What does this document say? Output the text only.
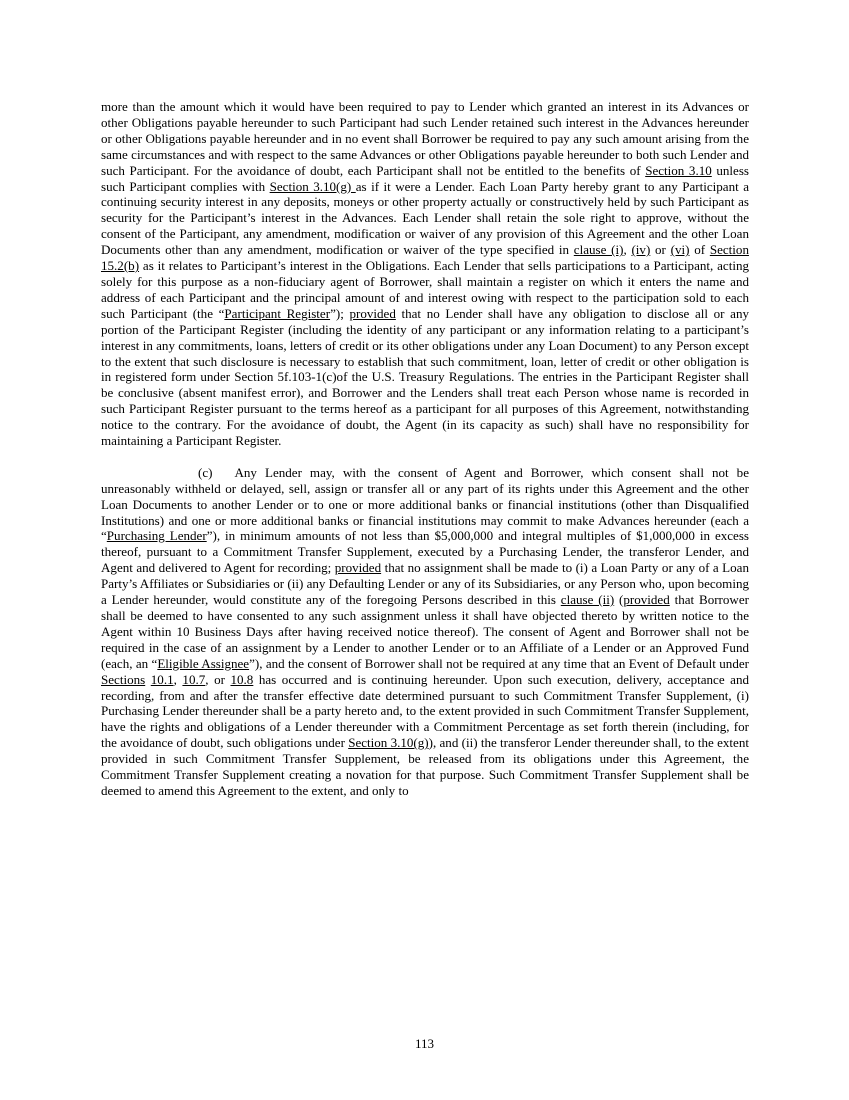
more than the amount which it would have been required to pay to Lender which granted an interest in its Advances or other Obligations payable hereunder to such Participant had such Lender retained such interest in the Advances hereunder or other Obligations payable hereunder and in no event shall Borrower be required to pay any such amount arising from the same circumstances and with respect to the same Advances or other Obligations payable hereunder to both such Lender and such Participant. For the avoidance of doubt, each Participant shall not be entitled to the benefits of Section 3.10 unless such Participant complies with Section 3.10(g) as if it were a Lender. Each Loan Party hereby grant to any Participant a continuing security interest in any deposits, moneys or other property actually or constructively held by such Participant as security for the Participant’s interest in the Advances. Each Lender shall retain the sole right to approve, without the consent of the Participant, any amendment, modification or waiver of any provision of this Agreement and the other Loan Documents other than any amendment, modification or waiver of the type specified in clause (i), (iv) or (vi) of Section 15.2(b) as it relates to Participant’s interest in the Obligations. Each Lender that sells participations to a Participant, acting solely for this purpose as a non-fiduciary agent of Borrower, shall maintain a register on which it enters the name and address of each Participant and the principal amount of and interest owing with respect to the participation sold to each such Participant (the “Participant Register”); provided that no Lender shall have any obligation to disclose all or any portion of the Participant Register (including the identity of any participant or any information relating to a participant’s interest in any commitments, loans, letters of credit or its other obligations under any Loan Document) to any Person except to the extent that such disclosure is necessary to establish that such commitment, loan, letter of credit or other obligation is in registered form under Section 5f.103-1(c)of the U.S. Treasury Regulations. The entries in the Participant Register shall be conclusive (absent manifest error), and Borrower and the Lenders shall treat each Person whose name is recorded in such Participant Register pursuant to the terms hereof as a participant for all purposes of this Agreement, notwithstanding notice to the contrary. For the avoidance of doubt, the Agent (in its capacity as such) shall have no responsibility for maintaining a Participant Register.

(c) Any Lender may, with the consent of Agent and Borrower, which consent shall not be unreasonably withheld or delayed, sell, assign or transfer all or any part of its rights under this Agreement and the other Loan Documents to another Lender or to one or more additional banks or financial institutions (other than Disqualified Institutions) and one or more additional banks or financial institutions may commit to make Advances hereunder (each a “Purchasing Lender”), in minimum amounts of not less than $5,000,000 and integral multiples of $1,000,000 in excess thereof, pursuant to a Commitment Transfer Supplement, executed by a Purchasing Lender, the transferor Lender, and Agent and delivered to Agent for recording; provided that no assignment shall be made to (i) a Loan Party or any of a Loan Party’s Affiliates or Subsidiaries or (ii) any Defaulting Lender or any of its Subsidiaries, or any Person who, upon becoming a Lender hereunder, would constitute any of the foregoing Persons described in this clause (ii) (provided that Borrower shall be deemed to have consented to any such assignment unless it shall have objected thereto by written notice to the Agent within 10 Business Days after having received notice thereof). The consent of Agent and Borrower shall not be required in the case of an assignment by a Lender to another Lender or to an Affiliate of a Lender or an Approved Fund (each, an “Eligible Assignee”), and the consent of Borrower shall not be required at any time that an Event of Default under Sections 10.1, 10.7, or 10.8 has occurred and is continuing hereunder. Upon such execution, delivery, acceptance and recording, from and after the transfer effective date determined pursuant to such Commitment Transfer Supplement, (i) Purchasing Lender thereunder shall be a party hereto and, to the extent provided in such Commitment Transfer Supplement, have the rights and obligations of a Lender thereunder with a Commitment Percentage as set forth therein (including, for the avoidance of doubt, such obligations under Section 3.10(g)), and (ii) the transferor Lender thereunder shall, to the extent provided in such Commitment Transfer Supplement, be released from its obligations under this Agreement, the Commitment Transfer Supplement creating a novation for that purpose. Such Commitment Transfer Supplement shall be deemed to amend this Agreement to the extent, and only to

113
